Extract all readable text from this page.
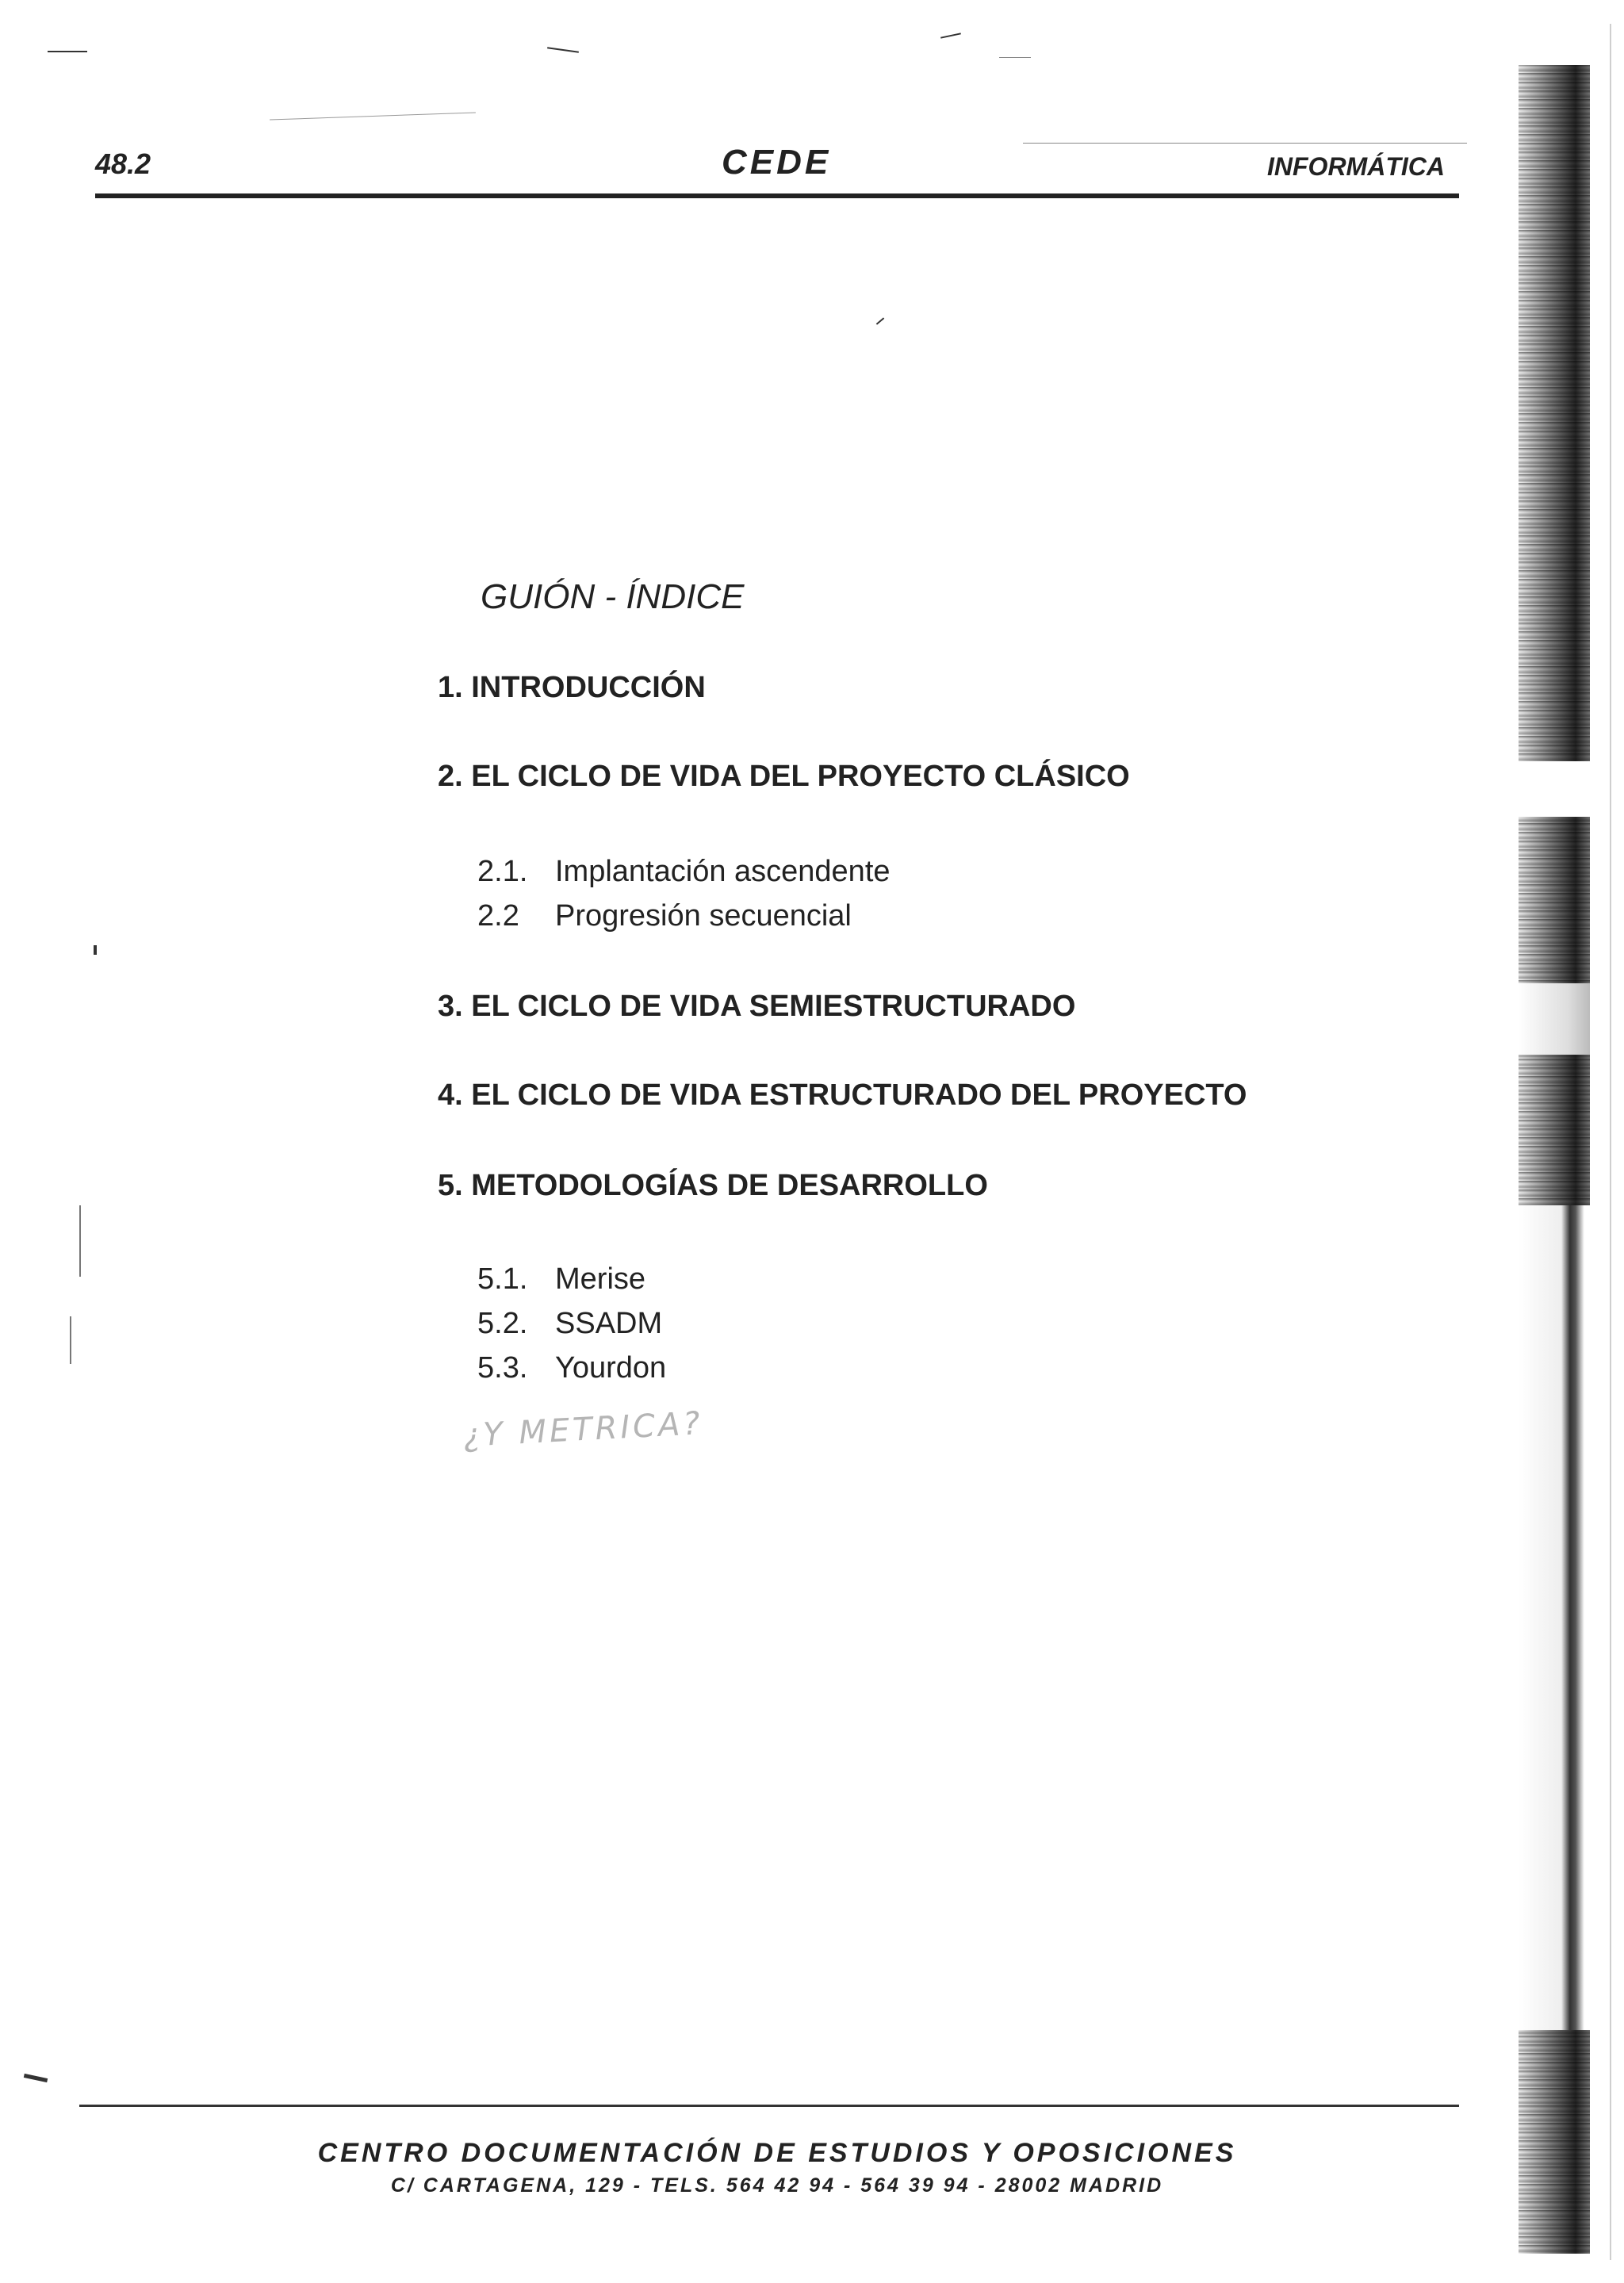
48.2	CEDE	INFORMÁTICA
GUIÓN - ÍNDICE
1. INTRODUCCIÓN
2. EL CICLO DE VIDA DEL PROYECTO CLÁSICO
2.1. Implantación ascendente
2.2 Progresión secuencial
3. EL CICLO DE VIDA SEMIESTRUCTURADO
4. EL CICLO DE VIDA ESTRUCTURADO DEL PROYECTO
5. METODOLOGÍAS DE DESARROLLO
5.1. Merise
5.2. SSADM
5.3. Yourdon
¿Y METRICA?
CENTRO DOCUMENTACIÓN DE ESTUDIOS Y OPOSICIONES
C/ CARTAGENA, 129 - TELS. 564 42 94 - 564 39 94 - 28002 MADRID
